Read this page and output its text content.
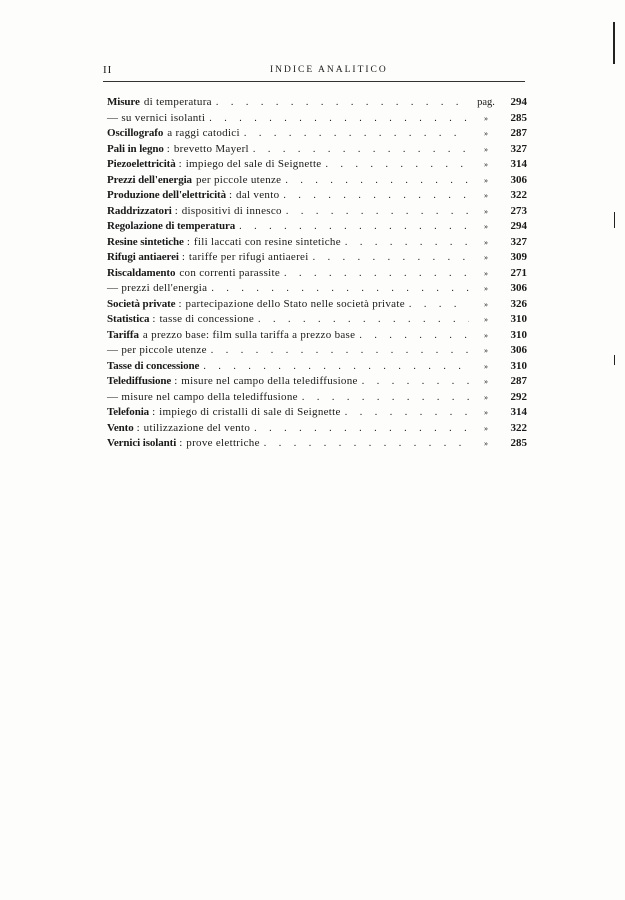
II	INDICE ANALITICO
Misure di temperatura . . .	pag.	294
— su vernici isolanti . . .	»	285
Oscillografo a raggi catodici . . .	»	287
Pali in legno : brevetto Mayerl . . .	»	327
Piezoelettricità : impiego del sale di Seignette . . .	»	314
Prezzi dell'energia per piccole utenze . . .	»	306
Produzione dell'elettricità : dal vento . . .	»	322
Raddrizzatori : dispositivi di innesco . . .	»	273
Regolazione di temperatura . . .	»	294
Resine sintetiche : fili laccati con resine sintetiche . . .	»	327
Rifugi antiaerei : tariffe per rifugi antiaerei . . .	»	309
Riscaldamento con correnti parassite . . .	»	271
— prezzi dell'energia . . .	»	306
Società private : partecipazione dello Stato nelle società private . . .	»	326
Statistica : tasse di concessione . . .	»	310
Tariffa a prezzo base: film sulla tariffa a prezzo base . . .	»	310
— per piccole utenze . . .	»	306
Tasse di concessione . . .	»	310
Telediffusione : misure nel campo della telediffusione . . .	»	287
— misure nel campo della telediffusione . . .	»	292
Telefonia : impiego di cristalli di sale di Seignette . . .	»	314
Vento : utilizzazione del vento . . .	»	322
Vernici isolanti : prove elettriche . . .	»	285
